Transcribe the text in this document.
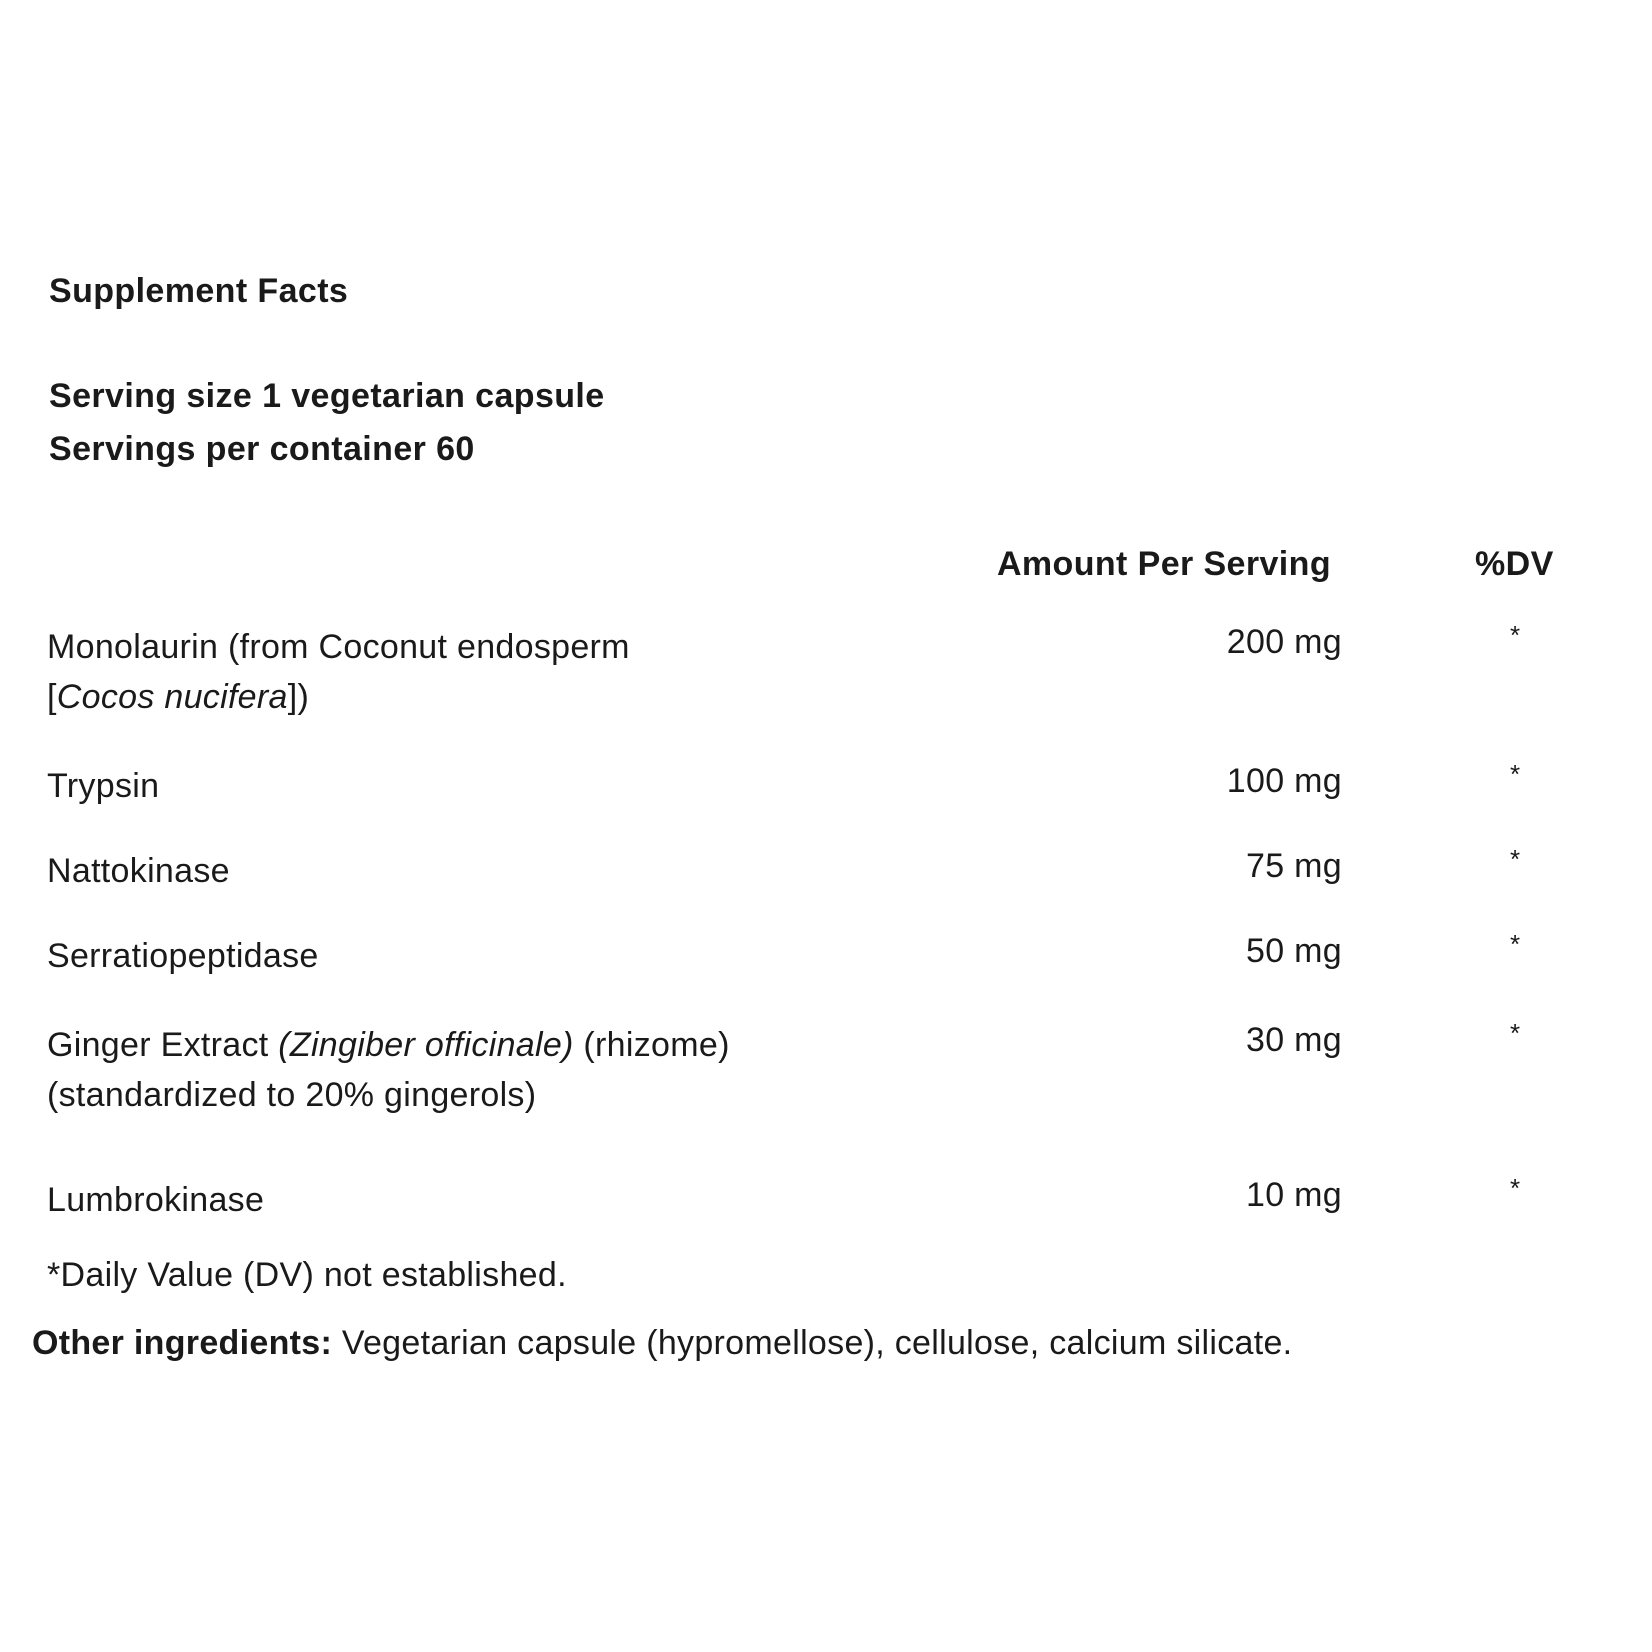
Supplement Facts
Serving size 1 vegetarian capsule
Servings per container 60
Amount Per Serving	%DV
Monolaurin (from Coconut endosperm
[Cocos nucifera])
200 mg	*
Trypsin	100 mg	*
Nattokinase	75 mg	*
Serratiopeptidase	50 mg	*
Ginger Extract (Zingiber officinale) (rhizome)
(standardized to 20% gingerols)
30 mg	*
Lumbrokinase	10 mg	*
*Daily Value (DV) not established.
Other ingredients: Vegetarian capsule (hypromellose), cellulose, calcium silicate.
